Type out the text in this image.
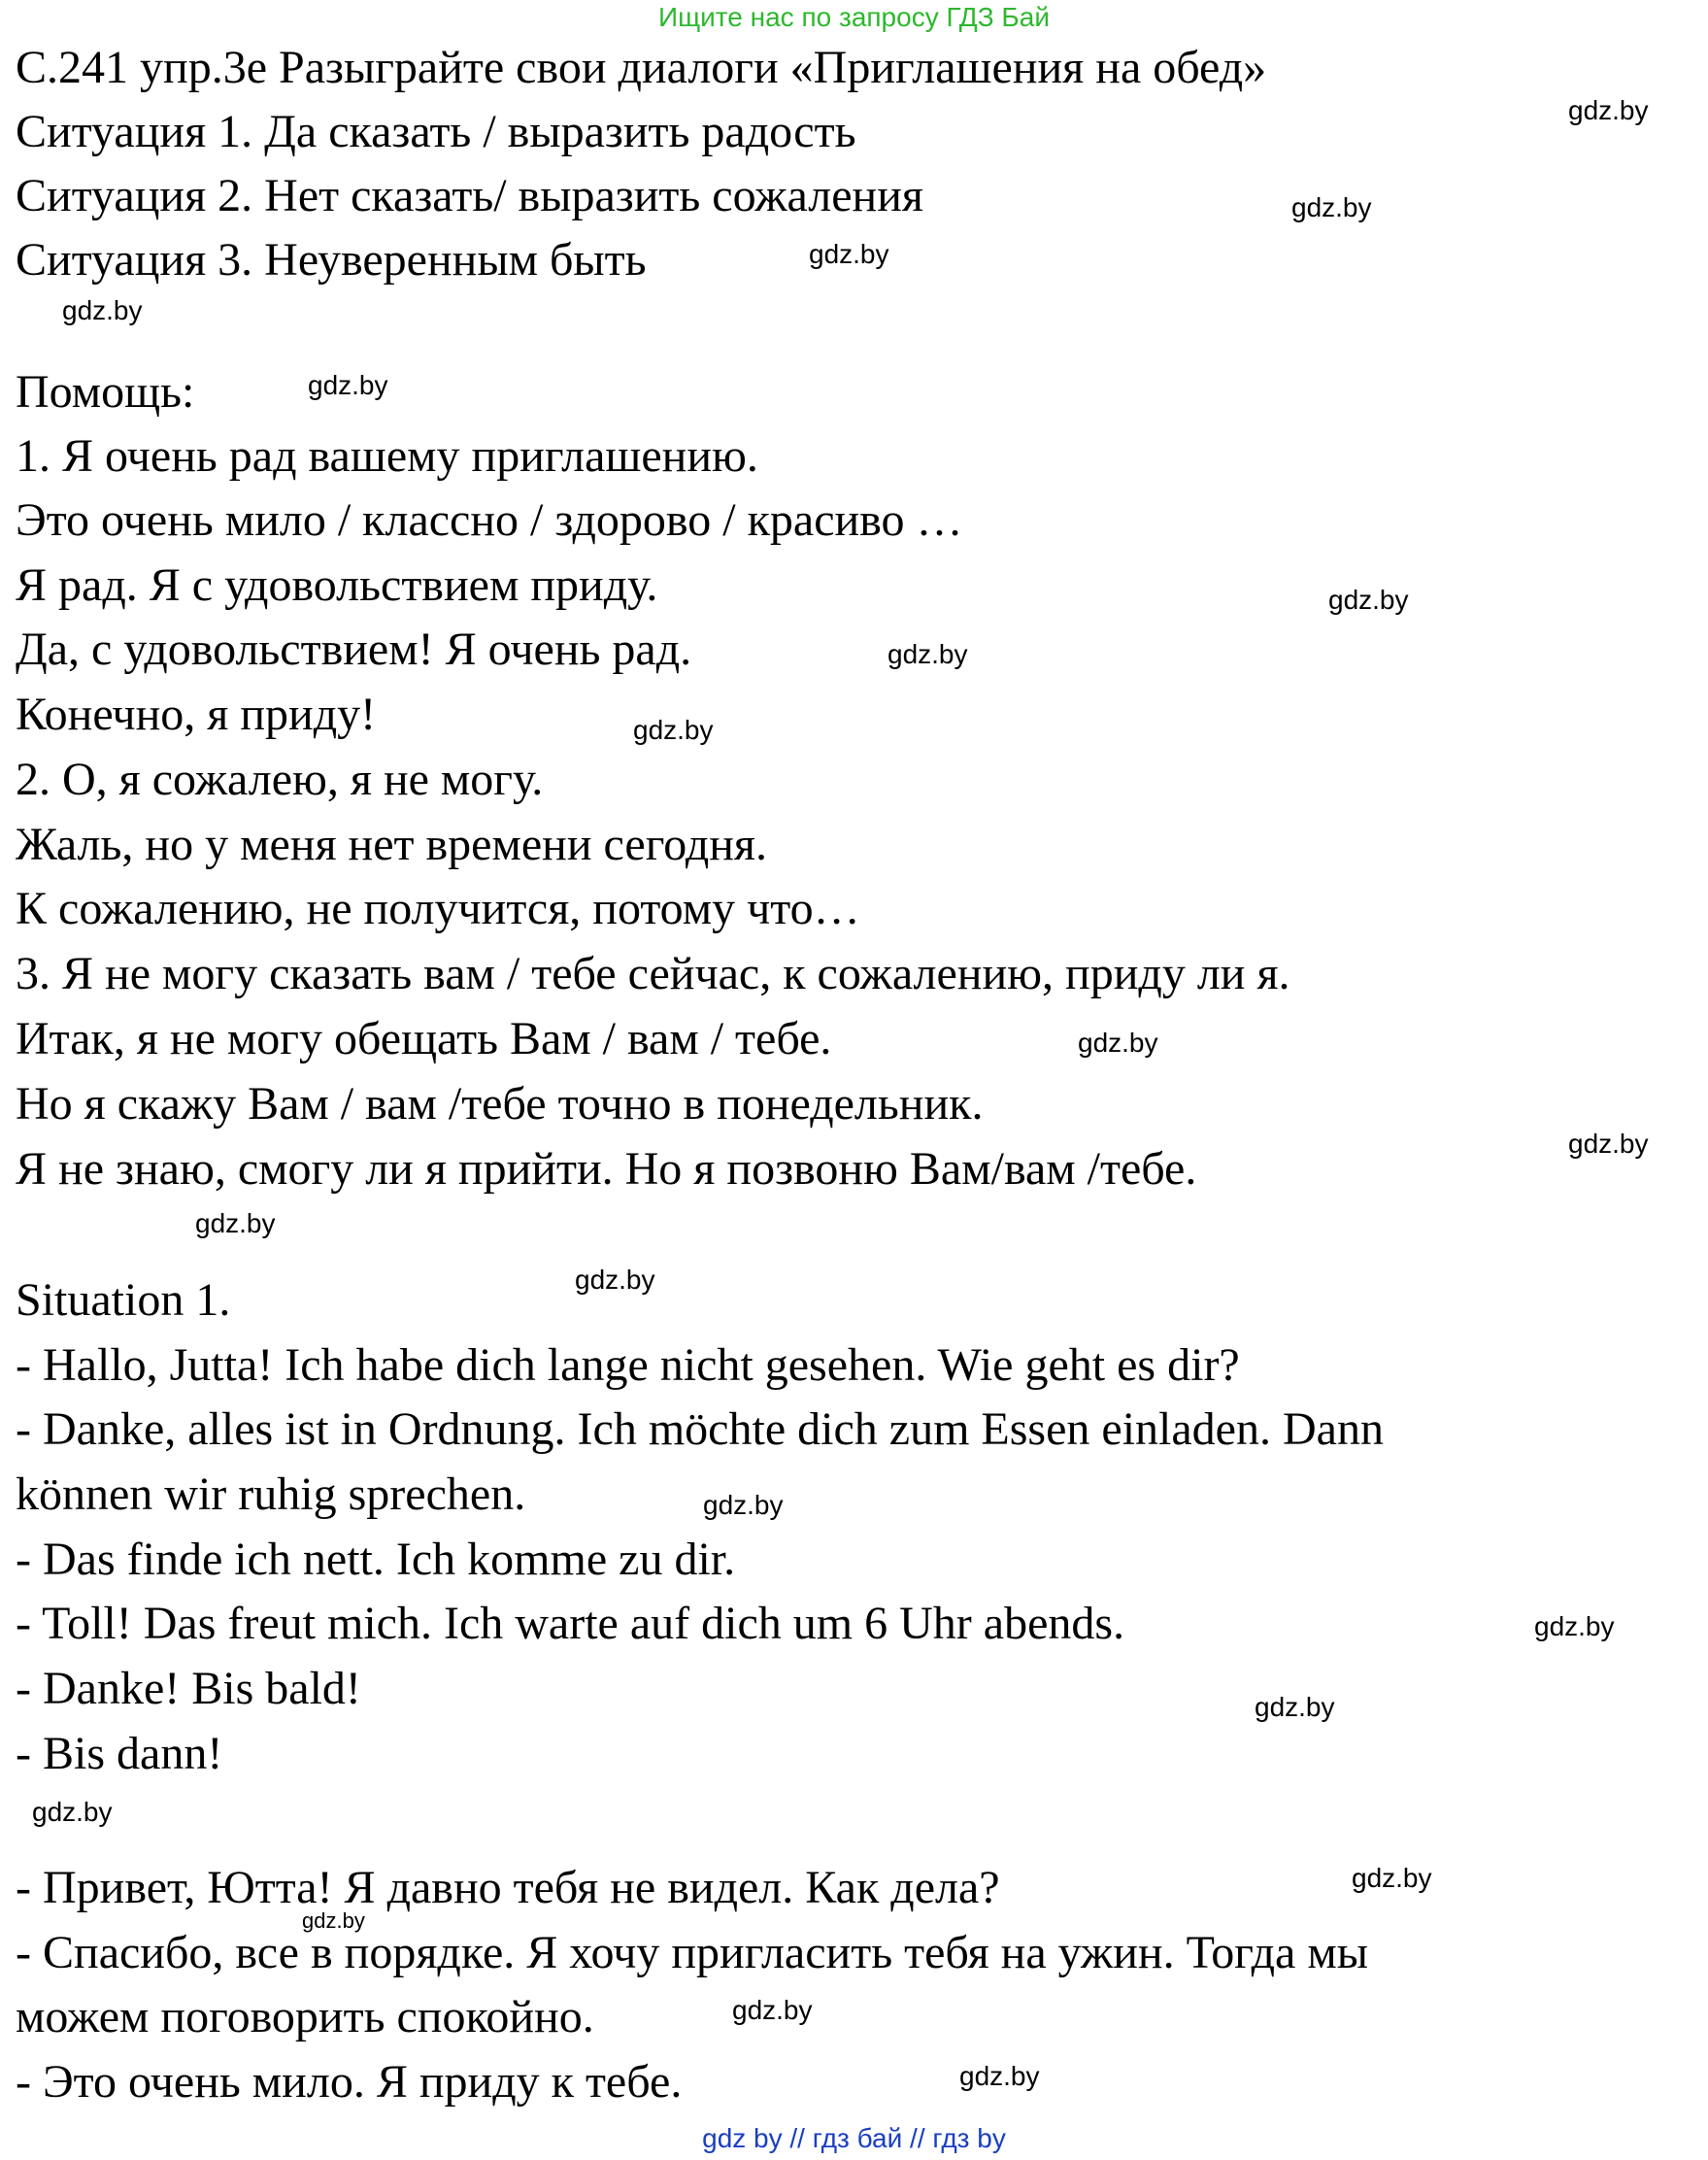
Ищите нас по запросу ГДЗ Бай

С.241 упр.3е Разыграйте свои диалоги «Приглашения на обед»

Ситуация 1. Да сказать / выразить радость

Ситуация 2. Нет сказать/ выразить сожаления

Ситуация 3. Неуверенным быть

Помощь:

1. Я очень рад вашему приглашению.

Это очень мило / классно / здорово / красиво …

Я рад. Я с удовольствием приду.

Да, с удовольствием! Я очень рад.

Конечно, я приду!

2. О, я сожалею, я не могу.

Жаль, но у меня нет времени сегодня.

К сожалению, не получится, потому что…

3. Я не могу сказать вам / тебе сейчас, к сожалению, приду ли я.

Итак, я не могу обещать Вам / вам / тебе.

Но я скажу Вам / вам /тебе точно в понедельник.

Я не знаю, смогу ли я прийти. Но я позвоню Вам/вам /тебе.

Situation 1.

- Hallo, Jutta! Ich habe dich lange nicht gesehen. Wie geht es dir?

- Danke, alles ist in Ordnung. Ich möchte dich zum Essen einladen. Dann

können wir ruhig sprechen.

- Das finde ich nett. Ich komme zu dir.

- Toll! Das freut mich. Ich warte auf dich um 6 Uhr abends.

- Danke! Bis bald!

- Bis dann!

- Привет, Ютта! Я давно тебя не видел. Как дела?

- Спасибо, все в порядке. Я хочу пригласить тебя на ужин. Тогда мы

можем поговорить спокойно.

- Это очень мило. Я приду к тебе.

gdz.by
gdz.by
gdz.by
gdz.by
gdz.by
gdz.by
gdz.by
gdz.by
gdz.by
gdz.by
gdz.by
gdz.by
gdz.by
gdz.by
gdz.by
gdz.by
gdz.by
gdz.by
gdz.by
gdz.by
gdz by // гдз бай // гдз by
